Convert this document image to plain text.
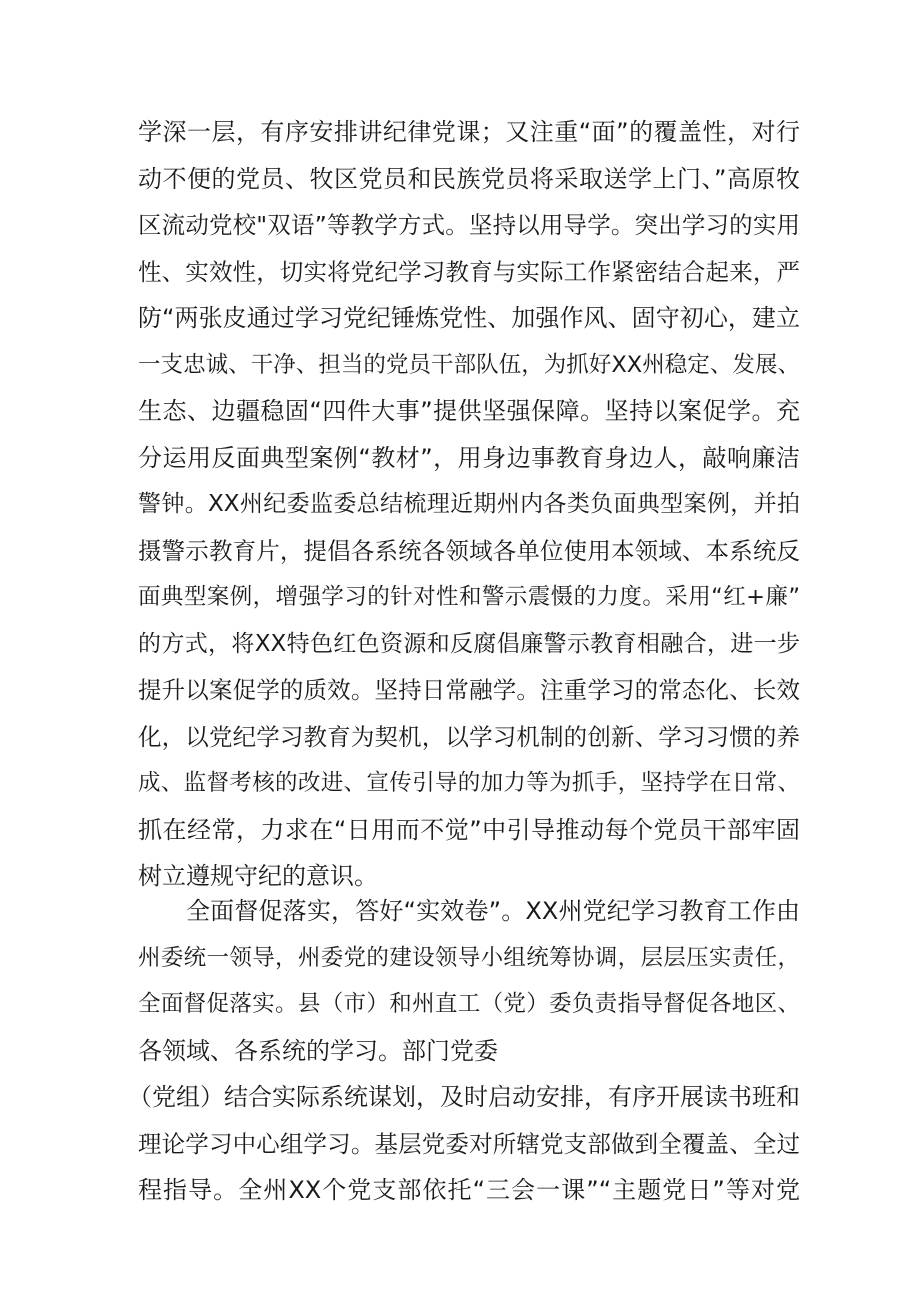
学深一层，有序安排讲纪律党课；又注重“面”的覆盖性，对行
动不便的党员、牧区党员和民族党员将采取送学上门、”高原牧
区流动党校"双语”等教学方式。坚持以用导学。突出学习的实用
性、实效性，切实将党纪学习教育与实际工作紧密结合起来，严
防“两张皮通过学习党纪锤炼党性、加强作风、固守初心，建立
一支忠诚、干净、担当的党员干部队伍，为抓好XX州稳定、发展、
生态、边疆稳固“四件大事”提供坚强保障。坚持以案促学。充
分运用反面典型案例“教材”，用身边事教育身边人，敲响廉洁
警钟。XX州纪委监委总结梳理近期州内各类负面典型案例，并拍
摄警示教育片，提倡各系统各领域各单位使用本领域、本系统反
面典型案例，增强学习的针对性和警示震慑的力度。采用“红+廉”
的方式，将XX特色红色资源和反腐倡廉警示教育相融合，进一步
提升以案促学的质效。坚持日常融学。注重学习的常态化、长效
化，以党纪学习教育为契机，以学习机制的创新、学习习惯的养
成、监督考核的改进、宣传引导的加力等为抓手，坚持学在日常、
抓在经常，力求在“日用而不觉”中引导推动每个党员干部牢固
树立遵规守纪的意识。
全面督促落实，答好“实效卷”。XX州党纪学习教育工作由
州委统一领导，州委党的建设领导小组统筹协调，层层压实责任，
全面督促落实。县（市）和州直工（党）委负责指导督促各地区、
各领域、各系统的学习。部门党委
（党组）结合实际系统谋划，及时启动安排，有序开展读书班和
理论学习中心组学习。基层党委对所辖党支部做到全覆盖、全过
程指导。全州XX个党支部依托“三会一课”“主题党日”等对党
